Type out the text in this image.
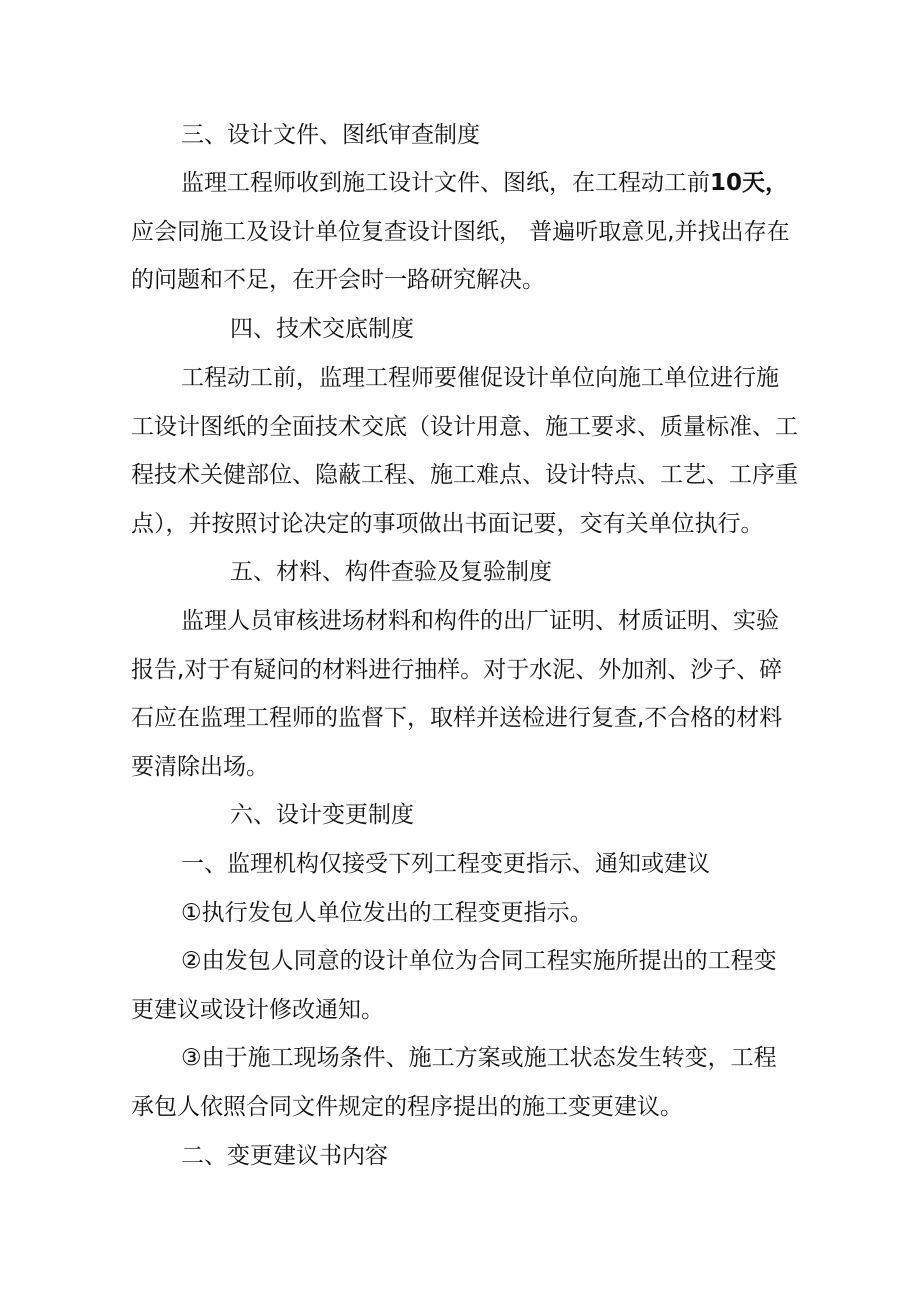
三、设计文件、图纸审查制度
监理工程师收到施工设计文件、图纸，在工程动工前10天，
应会同施工及设计单位复查设计图纸， 普遍听取意见,并找出存在
的问题和不足，在开会时一路研究解决。
四、技术交底制度
工程动工前，监理工程师要催促设计单位向施工单位进行施
工设计图纸的全面技术交底（设计用意、施工要求、质量标准、工
程技术关健部位、隐蔽工程、施工难点、设计特点、工艺、工序重
点），并按照讨论决定的事项做出书面记要，交有关单位执行。
五、材料、构件查验及复验制度
监理人员审核进场材料和构件的出厂证明、材质证明、实验
报告,对于有疑问的材料进行抽样。对于水泥、外加剂、沙子、碎
石应在监理工程师的监督下，取样并送检进行复查,不合格的材料
要清除出场。
六、设计变更制度
一、监理机构仅接受下列工程变更指示、通知或建议
①执行发包人单位发出的工程变更指示。
②由发包人同意的设计单位为合同工程实施所提出的工程变
更建议或设计修改通知。
③由于施工现场条件、施工方案或施工状态发生转变，工程
承包人依照合同文件规定的程序提出的施工变更建议。
二、变更建议书内容
